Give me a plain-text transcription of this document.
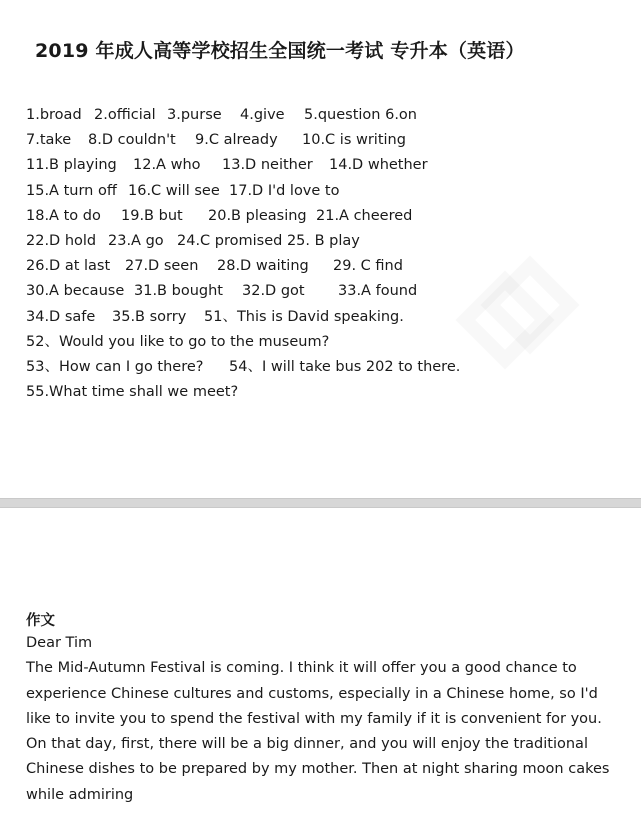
2019 年成人高等学校招生全国统一考试 专升本（英语）
1.broad 2.official 3.purse 4.give 5.question 6.on
7.take 8.D couldn't 9.C already 10.C is writing
11.B playing 12.A who 13.D neither 14.D whether
15.A turn off 16.C will see 17.D I'd love to
18.A to do 19.B but 20.B pleasing 21.A cheered
22.D hold 23.A go 24.C promised 25. B play
26.D at last 27.D seen 28.D waiting 29. C find
30.A because 31.B bought 32.D got 33.A found
34.D safe 35.B sorry 51、This is David speaking.
52、Would you like to go to the museum?
53、How can I go there? 54、I will take bus 202 to there.
55.What time shall we meet?
作文
Dear Tim
The Mid-Autumn Festival is coming. I think it will offer you a good chance to
experience Chinese cultures and customs, especially in a Chinese home, so I'd
like to invite you to spend the festival with my family if it is convenient for you.
On that day, first, there will be a big dinner, and you will enjoy the traditional
Chinese dishes to be prepared by my mother. Then at night sharing moon cakes
while admiring
